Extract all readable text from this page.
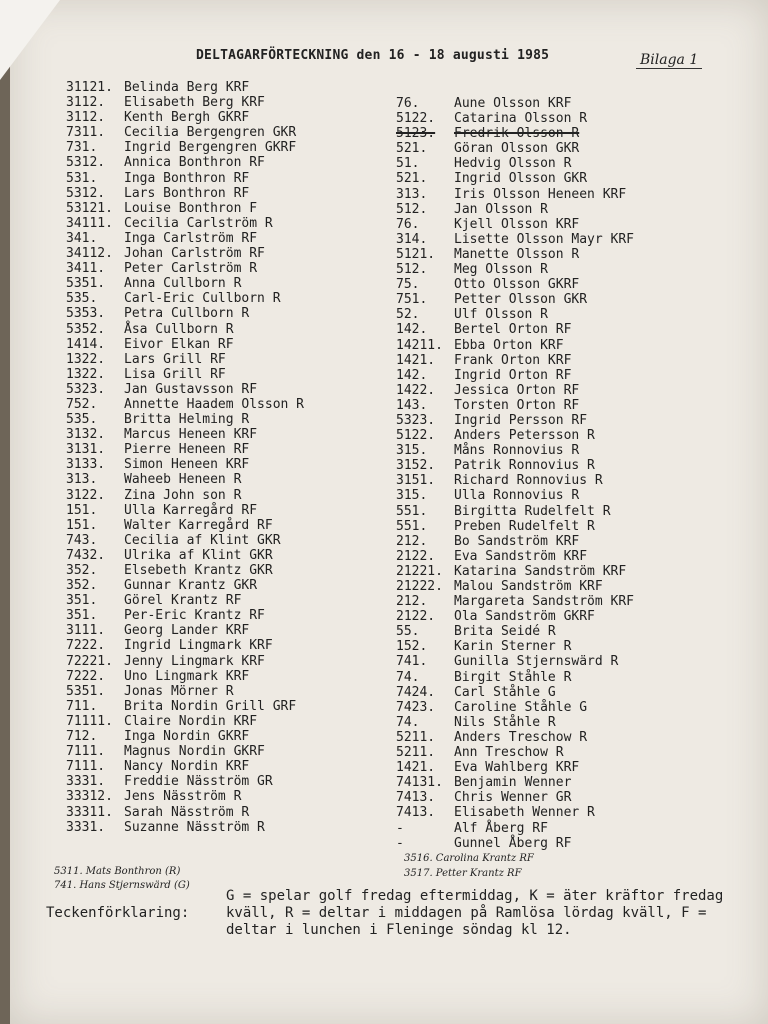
DELTAGARFÖRTECKNING den 16 - 18 augusti 1985	Bilaga 1
31121. Belinda Berg KRF
3112.	Elisabeth Berg KRF
3112.	Kenth Bergh GKRF
7311.	Cecilia Bergengren GKR
731.	Ingrid Bergengren GKRF
5312.	Annica Bonthron RF
531.	Inga Bonthron RF
5312.	Lars Bonthron RF
53121. Louise Bonthron F
34111. Cecilia Carlström R
341.	Inga Carlström RF
34112. Johan Carlström RF
3411.	Peter Carlström R
5351.	Anna Cullborn R
535.	Carl-Eric Cullborn R
5353.	Petra Cullborn R
5352.	Åsa Cullborn R
1414.	Eivor Elkan RF
1322.	Lars Grill RF
1322.	Lisa Grill RF
5323.	Jan Gustavsson RF
752.	Annette Haadem Olsson R
535.	Britta Helming R
3132.	Marcus Heneen KRF
3131.	Pierre Heneen RF
3133.	Simon Heneen KRF
313.	Waheeb Heneen R
3122.	Zina John son R
151.	Ulla Karregård RF
151.	Walter Karregård RF
743.	Cecilia af Klint GKR
7432.	Ulrika af Klint GKR
352.	Elsebeth Krantz GKR
352.	Gunnar Krantz GKR
351.	Görel Krantz RF
351.	Per-Eric Krantz RF
3111.	Georg Lander KRF
7222.	Ingrid Lingmark KRF
72221. Jenny Lingmark KRF
7222.	Uno Lingmark KRF
5351.	Jonas Mörner R
711.	Brita Nordin Grill GRF
71111. Claire Nordin KRF
712.	Inga Nordin GKRF
7111.	Magnus Nordin GKRF
7111.	Nancy Nordin KRF
3331.	Freddie Näsström GR
33312. Jens Näsström R
33311. Sarah Näsström R
3331.	Suzanne Näsström R
76.	Aune Olsson KRF
5122.	Catarina Olsson R
5123.	Fredrik Olsson R
521.	Göran Olsson GKR
51.	Hedvig Olsson R
521.	Ingrid Olsson GKR
313.	Iris Olsson Heneen KRF
512.	Jan Olsson R
76.	Kjell Olsson KRF
314.	Lisette Olsson Mayr KRF
5121.	Manette Olsson R
512.	Meg Olsson R
75.	Otto Olsson GKRF
751.	Petter Olsson GKR
52.	Ulf Olsson R
142.	Bertel Orton RF
14211. Ebba Orton KRF
1421.	Frank Orton KRF
142.	Ingrid Orton RF
1422.	Jessica Orton RF
143.	Torsten Orton RF
5323.	Ingrid Persson RF
5122.	Anders Petersson R
315.	Måns Ronnovius R
3152.	Patrik Ronnovius R
3151.	Richard Ronnovius R
315.	Ulla Ronnovius R
551.	Birgitta Rudelfelt R
551.	Preben Rudelfelt R
212.	Bo Sandström KRF
2122.	Eva Sandström KRF
21221. Katarina Sandström KRF
21222. Malou Sandström KRF
212.	Margareta Sandström KRF
2122.	Ola Sandström GKRF
55.	Brita Seidé R
152.	Karin Sterner R
741.	Gunilla Stjernswärd R
74.	Birgit Ståhle R
7424.	Carl Ståhle G
7423.	Caroline Ståhle G
74.	Nils Ståhle R
5211.	Anders Treschow R
5211.	Ann Treschow R
1421.	Eva Wahlberg KRF
74131. Benjamin Wenner
7413.	Chris Wenner GR
7413.	Elisabeth Wenner R
-	Alf Åberg RF
-	Gunnel Åberg RF
5311. Mats Bonthron (R)
741. Hans Stjernswärd (G)
3516. Carolina Krantz RF
3517. Petter Krantz RF
Teckenförklaring:
G = spelar golf fredag eftermiddag, K = äter kräftor fredag kväll, R = deltar i middagen på Ramlösa lördag kväll, F = deltar i lunchen i Fleninge söndag kl 12.
